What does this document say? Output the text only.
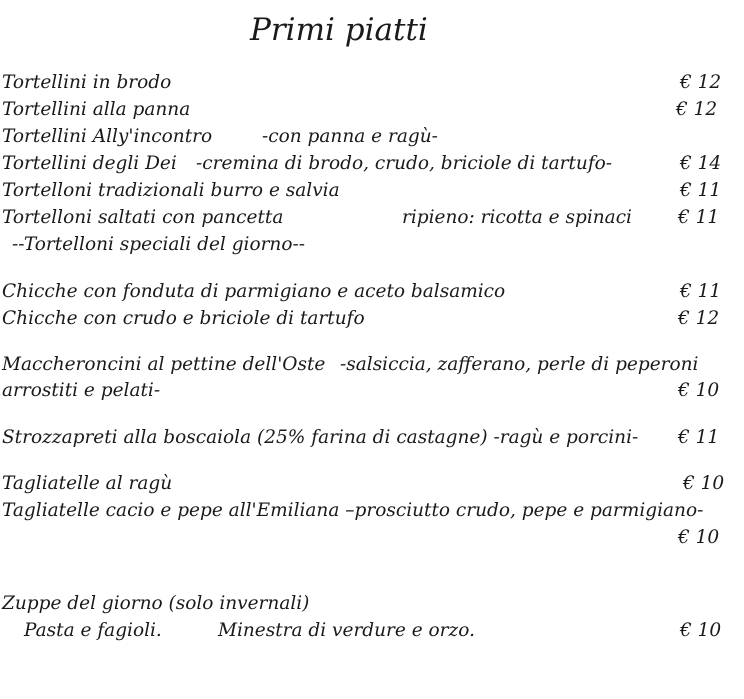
Primi piatti
Tortellini in brodo	€ 12
Tortellini alla panna	€ 12
Tortellini Ally'incontro	-con panna e ragù-
Tortellini degli Dei -cremina di brodo, crudo, briciole di tartufo-	€ 14
Tortelloni tradizionali burro e salvia	€ 11
Tortelloni saltati con pancetta	ripieno: ricotta e spinaci € 11
--Tortelloni speciali del giorno--
Chicche con fonduta di parmigiano e aceto balsamico	€ 11
Chicche con crudo e briciole di tartufo	€ 12
Maccheroncini al pettine dell'Oste -salsiccia, zafferano, perle di peperoni
arrostiti e pelati-	€ 10
Strozzapreti alla boscaiola (25% farina di castagne) -ragù e porcini- € 11
Tagliatelle al ragù	€ 10
Tagliatelle cacio e pepe all'Emiliana –prosciutto crudo, pepe e parmigiano-
€ 10
Zuppe del giorno (solo invernali)
Pasta e fagioli.	Minestra di verdure e orzo.	€ 10
